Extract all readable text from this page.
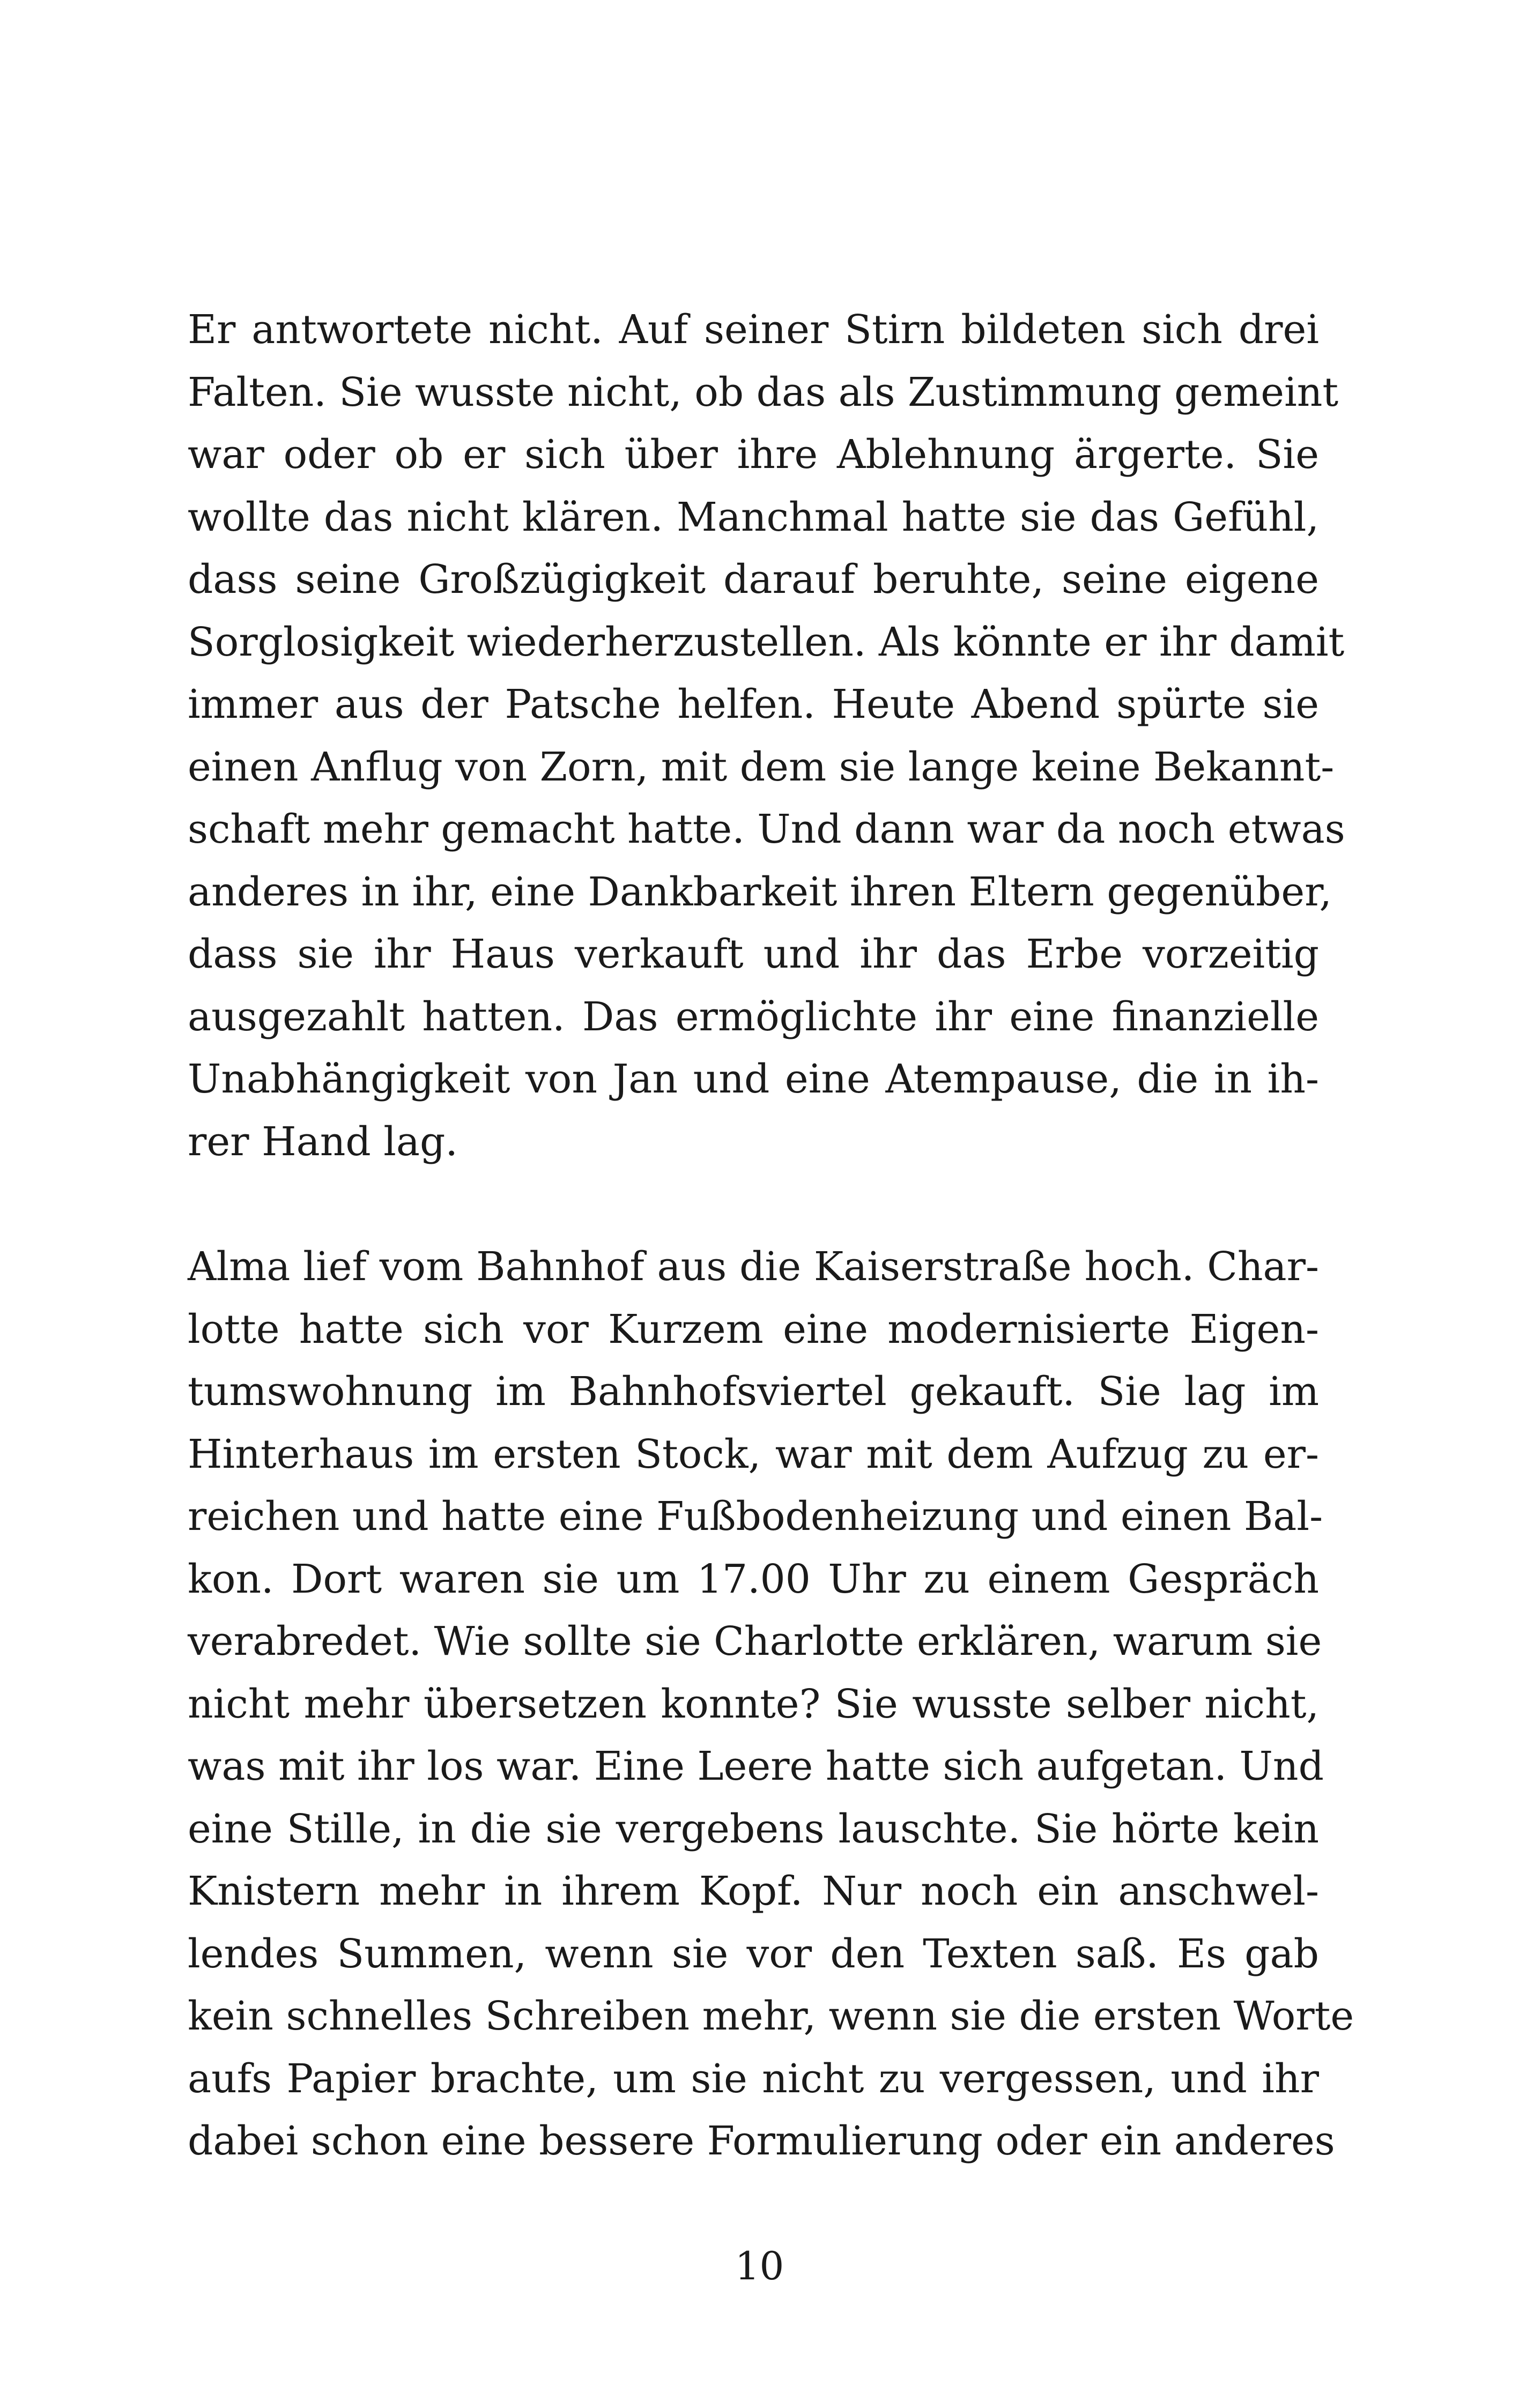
Er antwortete nicht. Auf seiner Stirn bildeten sich drei
Falten. Sie wusste nicht, ob das als Zustimmung gemeint
war oder ob er sich über ihre Ablehnung ärgerte. Sie
wollte das nicht klären. Manchmal hatte sie das Gefühl,
dass seine Großzügigkeit darauf beruhte, seine eigene
Sorglosigkeit wiederherzustellen. Als könnte er ihr damit
immer aus der Patsche helfen. Heute Abend spürte sie
einen Anflug von Zorn, mit dem sie lange keine Bekannt-
schaft mehr gemacht hatte. Und dann war da noch etwas
anderes in ihr, eine Dankbarkeit ihren Eltern gegenüber,
dass sie ihr Haus verkauft und ihr das Erbe vorzeitig
ausgezahlt hatten. Das ermöglichte ihr eine finanzielle
Unabhängigkeit von Jan und eine Atempause, die in ih-
rer Hand lag.
Alma lief vom Bahnhof aus die Kaiserstraße hoch. Char-
lotte hatte sich vor Kurzem eine modernisierte Eigen-
tumswohnung im Bahnhofsviertel gekauft. Sie lag im
Hinterhaus im ersten Stock, war mit dem Aufzug zu er-
reichen und hatte eine Fußbodenheizung und einen Bal-
kon. Dort waren sie um 17.00 Uhr zu einem Gespräch
verabredet. Wie sollte sie Charlotte erklären, warum sie
nicht mehr übersetzen konnte? Sie wusste selber nicht,
was mit ihr los war. Eine Leere hatte sich aufgetan. Und
eine Stille, in die sie vergebens lauschte. Sie hörte kein
Knistern mehr in ihrem Kopf. Nur noch ein anschwel-
lendes Summen, wenn sie vor den Texten saß. Es gab
kein schnelles Schreiben mehr, wenn sie die ersten Worte
aufs Papier brachte, um sie nicht zu vergessen, und ihr
dabei schon eine bessere Formulierung oder ein anderes
10
